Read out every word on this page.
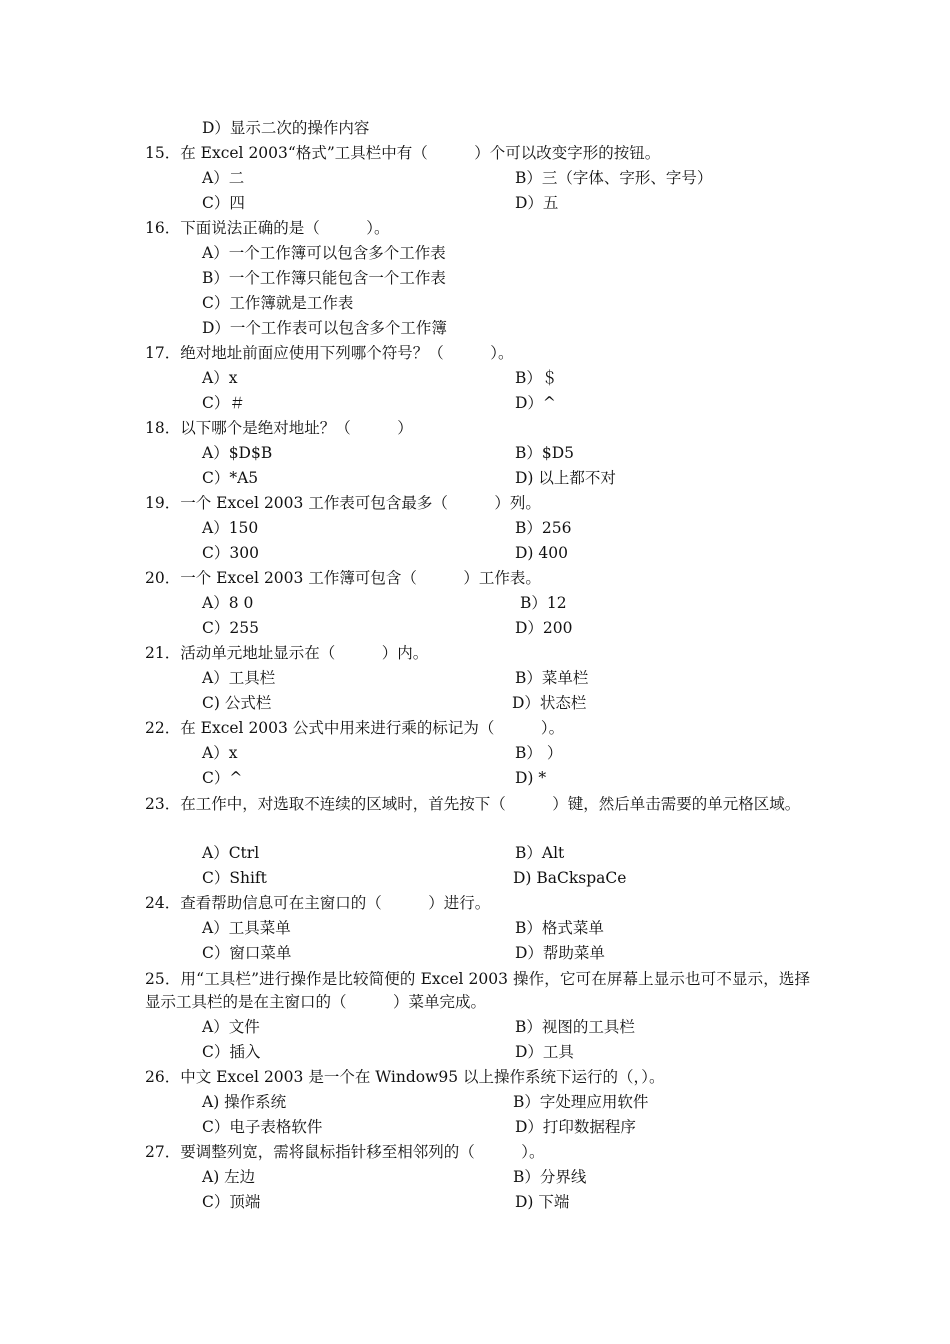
D）显示二次的操作内容
15．在 Excel 2003“格式”工具栏中有（　　　）个可以改变字形的按钮。
A）二	B）三（字体、字形、字号）
C）四	D）五
16．下面说法正确的是（　　　）。
A）一个工作簿可以包含多个工作表
B）一个工作簿只能包含一个工作表
C）工作簿就是工作表
D）一个工作表可以包含多个工作簿
17．绝对地址前面应使用下列哪个符号？（　　　）。
A）x	B）＄
C）＃	D）^
18．以下哪个是绝对地址？（　　　）
A）$D$B	B）$D5
C）*A5	D) 以上都不对
19．一个 Excel 2003 工作表可包含最多（　　　）列。
A）150	B）256
C）300	D) 400
20．一个 Excel 2003 工作簿可包含（　　　）工作表。
A）8 0	B）12
C）255	D）200
21．活动单元地址显示在（　　　）内。
A）工具栏	B）菜单栏
C) 公式栏	D）状态栏
22．在 Excel 2003 公式中用来进行乘的标记为（　　　）。
A）x	B） ）
C）^	D) *
23．在工作中，对选取不连续的区域时，首先按下（　　　）键，然后单击需要的单元格区域。
A）Ctrl	B）Alt
C）Shift	D) BaCkspaCe
24．查看帮助信息可在主窗口的（　　　）进行。
A）工具菜单	B）格式菜单
C）窗口菜单	D）帮助菜单
25．用“工具栏”进行操作是比较简便的 Excel 2003 操作，它可在屏幕上显示也可不显示，选择显示工具栏的是在主窗口的（　　　）菜单完成。
A）文件	B）视图的工具栏
C）插入	D）工具
26．中文 Excel 2003 是一个在 Window95 以上操作系统下运行的（，）。
A) 操作系统	B）字处理应用软件
C）电子表格软件	D）打印数据程序
27．要调整列宽，需将鼠标指针移至相邻列的（　　　）。
A) 左边	B）分界线
C）顶端	D) 下端
